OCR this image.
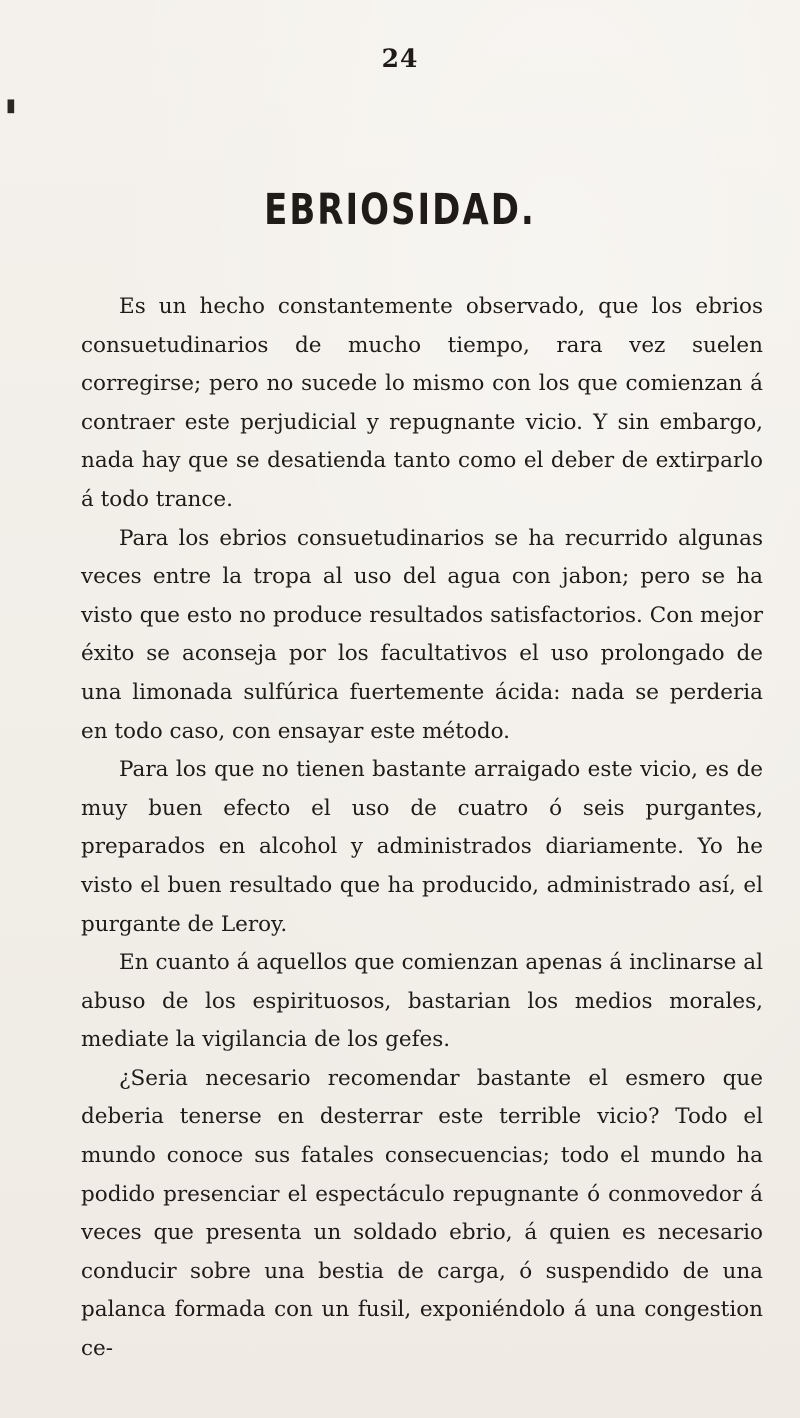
▮
24
EBRIOSIDAD.

Es un hecho constantemente observado, que los ebrios consuetudinarios de mucho tiempo, rara vez suelen corregirse; pero no sucede lo mismo con los que comienzan á contraer este perjudicial y repugnante vicio. Y sin embargo, nada hay que se desatienda tanto como el deber de extirparlo á todo trance.

Para los ebrios consuetudinarios se ha recurrido algunas veces entre la tropa al uso del agua con jabon; pero se ha visto que esto no produce resultados satisfactorios. Con mejor éxito se aconseja por los facultativos el uso prolongado de una limonada sulfúrica fuertemente ácida: nada se perderia en todo caso, con ensayar este método.

Para los que no tienen bastante arraigado este vicio, es de muy buen efecto el uso de cuatro ó seis purgantes, preparados en alcohol y administrados diariamente. Yo he visto el buen resultado que ha producido, administrado así, el purgante de Leroy.

En cuanto á aquellos que comienzan apenas á inclinarse al abuso de los espirituosos, bastarian los medios morales, mediate la vigilancia de los gefes.

¿Seria necesario recomendar bastante el esmero que deberia tenerse en desterrar este terrible vicio? Todo el mundo conoce sus fatales consecuencias; todo el mundo ha podido presenciar el espectáculo repugnante ó conmovedor á veces que presenta un soldado ebrio, á quien es necesario conducir sobre una bestia de carga, ó suspendido de una palanca formada con un fusil, exponiéndolo á una congestion ce-
